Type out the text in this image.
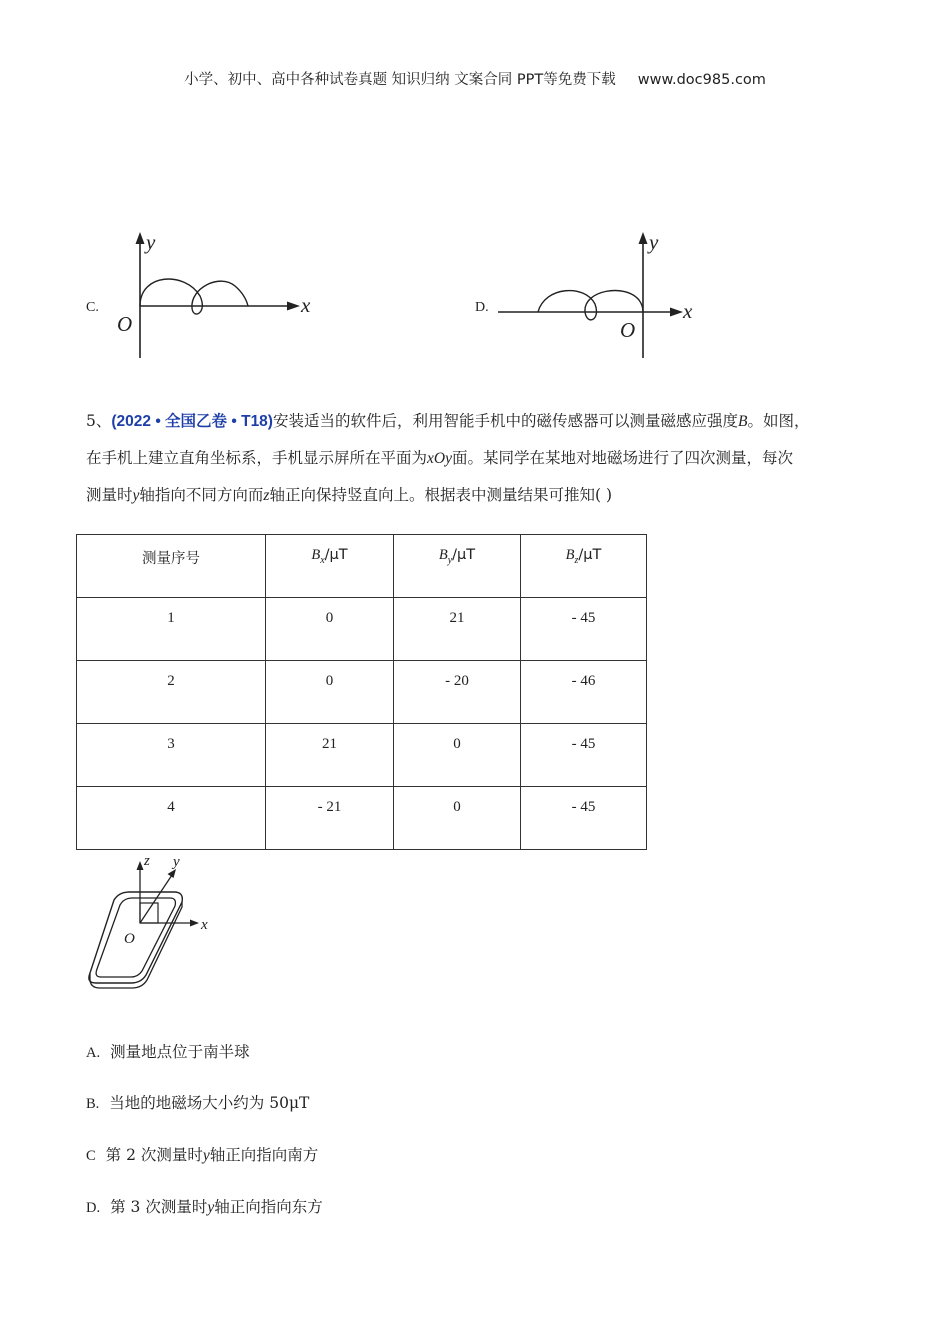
小学、初中、高中各种试卷真题 知识归纳 文案合同 PPT等免费下载 www.doc985.com
C.
y
x
O
D.
y
x
O
5、(2022 • 全国乙卷 • T18)安装适当的软件后，利用智能手机中的磁传感器可以测量磁感应强度B。如图，
在手机上建立直角坐标系，手机显示屏所在平面为xOy面。某同学在某地对地磁场进行了四次测量，每次
测量时y轴指向不同方向而z轴正向保持竖直向上。根据表中测量结果可推知( )
测量序号	$B_x/\mu T$	$B_y/\mu T$	$B_z/\mu T$
1	0	21	- 45
2	0	- 20	- 46
3	21	0	- 45
4	- 21	0	- 45
z y
x
O
A. 测量地点位于南半球
B. 当地的地磁场大小约为 50μT
C 第 2 次测量时y轴正向指向南方
D. 第 3 次测量时y轴正向指向东方
